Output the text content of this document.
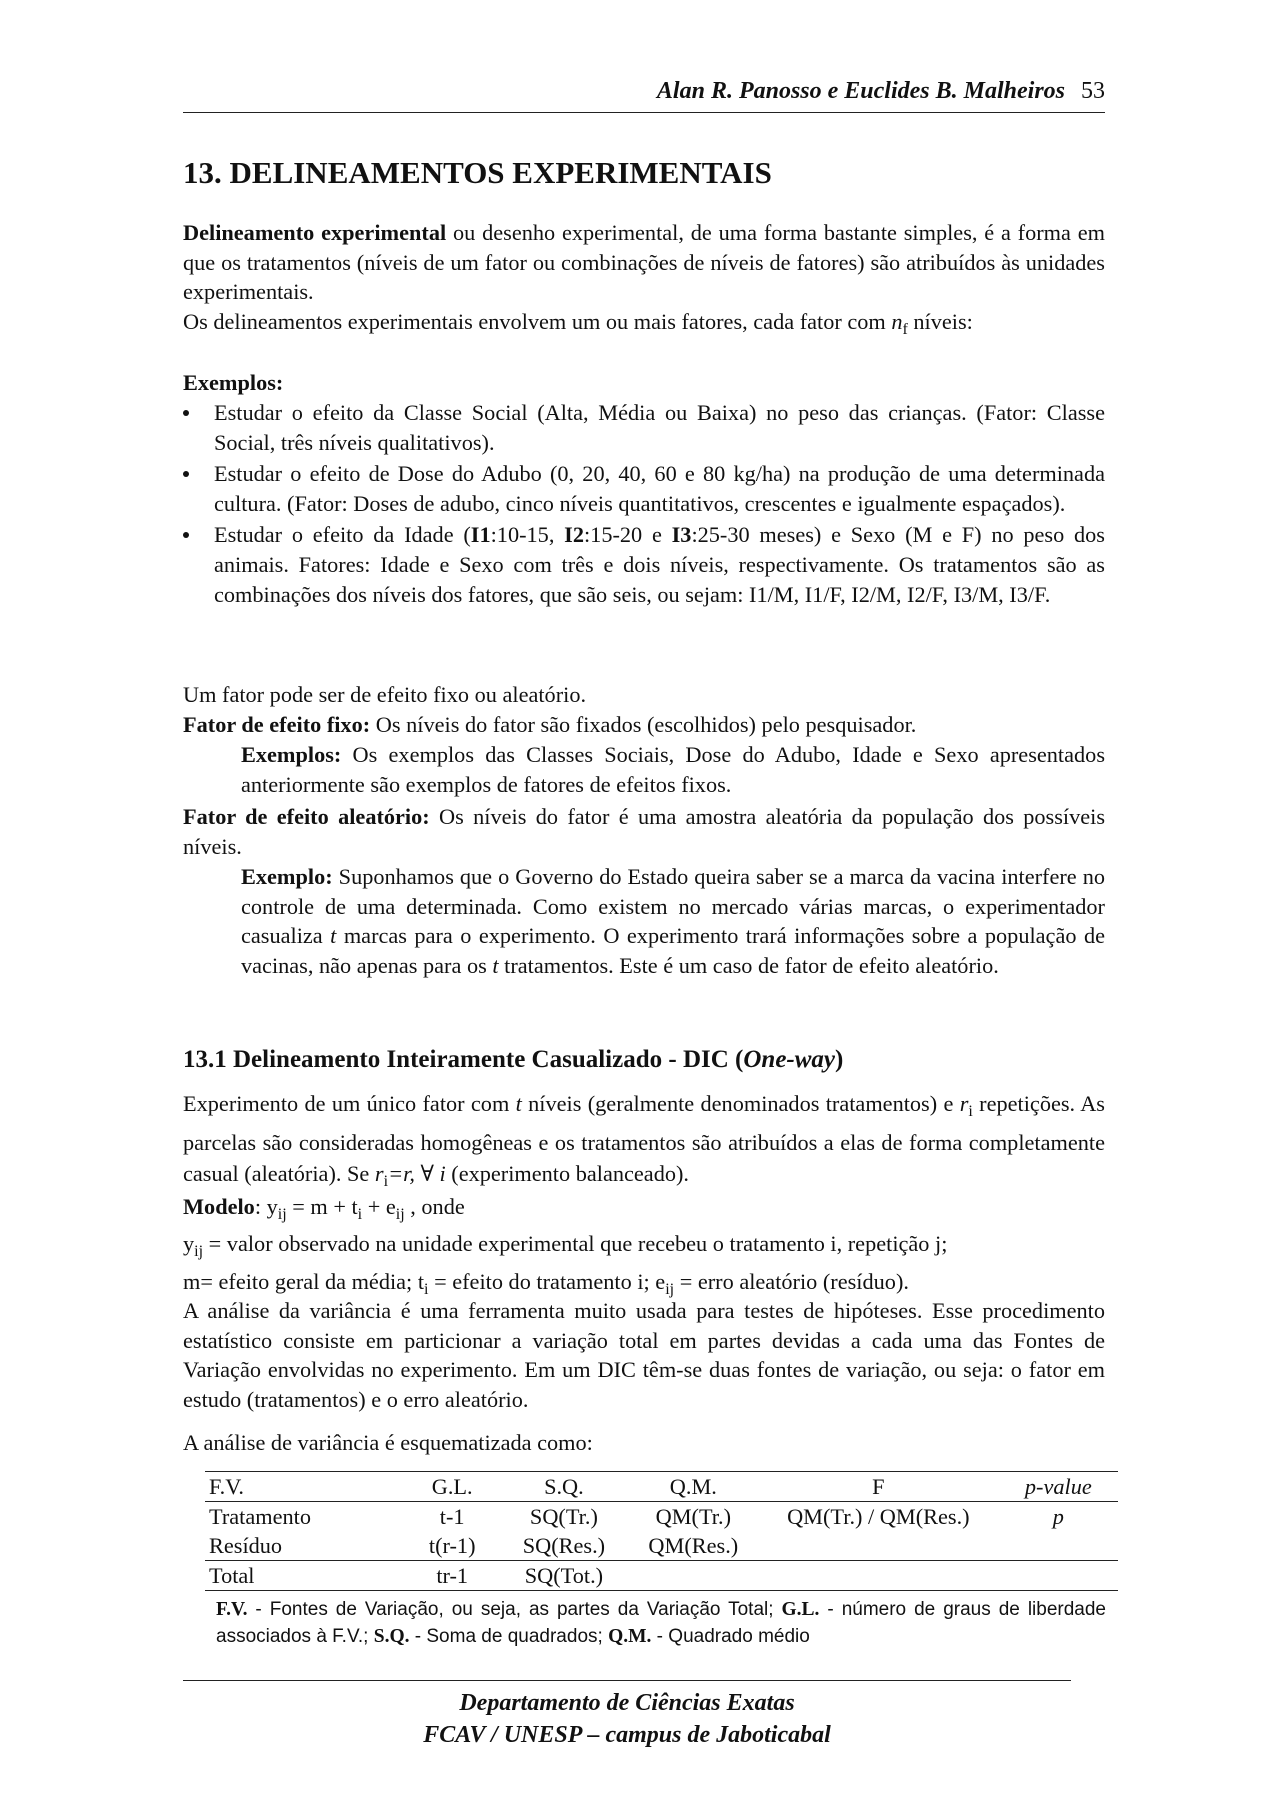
Alan R. Panosso e Euclides B. Malheiros 53
13. DELINEAMENTOS EXPERIMENTAIS

Delineamento experimental ou desenho experimental, de uma forma bastante simples, é a forma em que os tratamentos (níveis de um fator ou combinações de níveis de fatores) são atribuídos às unidades experimentais.
Os delineamentos experimentais envolvem um ou mais fatores, cada fator com $n_f$ níveis:

Exemplos:

Estudar o efeito da Classe Social (Alta, Média ou Baixa) no peso das crianças. (Fator: Classe Social, três níveis qualitativos).
Estudar o efeito de Dose do Adubo (0, 20, 40, 60 e 80 kg/ha) na produção de uma determinada cultura. (Fator: Doses de adubo, cinco níveis quantitativos, crescentes e igualmente espaçados).
Estudar o efeito da Idade (I1:10-15, I2:15-20 e I3:25-30 meses) e Sexo (M e F) no peso dos animais. Fatores: Idade e Sexo com três e dois níveis, respectivamente. Os tratamentos são as combinações dos níveis dos fatores, que são seis, ou sejam: I1/M, I1/F, I2/M, I2/F, I3/M, I3/F.

Um fator pode ser de efeito fixo ou aleatório.

Fator de efeito fixo: Os níveis do fator são fixados (escolhidos) pelo pesquisador.

Exemplos: Os exemplos das Classes Sociais, Dose do Adubo, Idade e Sexo apresentados anteriormente são exemplos de fatores de efeitos fixos.

Fator de efeito aleatório: Os níveis do fator é uma amostra aleatória da população dos possíveis níveis.

Exemplo: Suponhamos que o Governo do Estado queira saber se a marca da vacina interfere no controle de uma determinada. Como existem no mercado várias marcas, o experimentador casualiza t marcas para o experimento. O experimento trará informações sobre a população de vacinas, não apenas para os t tratamentos. Este é um caso de fator de efeito aleatório.

13.1 Delineamento Inteiramente Casualizado - DIC (One-way)

Experimento de um único fator com t níveis (geralmente denominados tratamentos) e $r_i$ repetições. As parcelas são consideradas homogêneas e os tratamentos são atribuídos a elas de forma completamente casual (aleatória). Se $r_i=r$, ∀ i (experimento balanceado).

Modelo: $y_{ij} = m + t_i + e_{ij}$ , onde
$y_{ij}$ = valor observado na unidade experimental que recebeu o tratamento i, repetição j;
m= efeito geral da média; $t_i$ = efeito do tratamento i; $e_{ij}$ = erro aleatório (resíduo).

A análise da variância é uma ferramenta muito usada para testes de hipóteses. Esse procedimento estatístico consiste em particionar a variação total em partes devidas a cada uma das Fontes de Variação envolvidas no experimento. Em um DIC têm-se duas fontes de variação, ou seja: o fator em estudo (tratamentos) e o erro aleatório.

A análise de variância é esquematizada como:

F.V.	G.L.	S.Q.	Q.M.	F	p-value
Tratamento	t-1	SQ(Tr.)	QM(Tr.)	QM(Tr.) / QM(Res.)	p
Resíduo	t(r-1)	SQ(Res.)	QM(Res.)		
Total	tr-1	SQ(Tot.)			

F.V. - Fontes de Variação, ou seja, as partes da Variação Total; G.L. - número de graus de liberdade associados à F.V.; S.Q. - Soma de quadrados; Q.M. - Quadrado médio

Departamento de Ciências Exatas
FCAV / UNESP – campus de Jaboticabal
